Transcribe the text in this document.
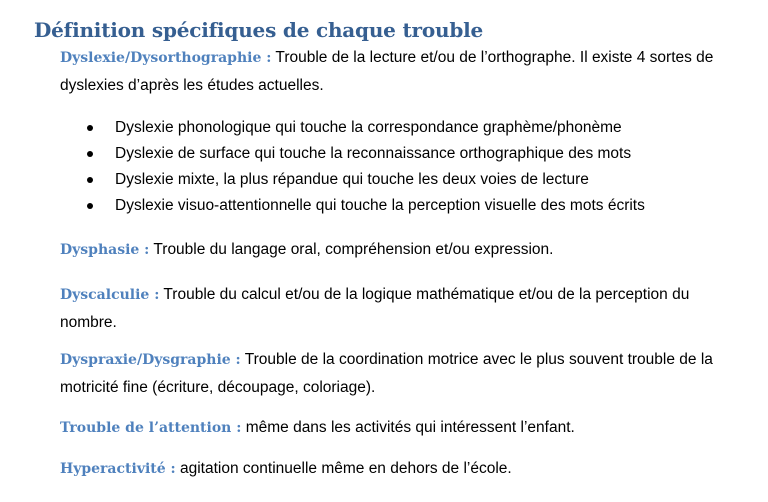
Définition spécifiques de chaque trouble

Dyslexie/Dysorthographie : Trouble de la lecture et/ou de l’orthographe. Il existe 4 sortes de dyslexies d’après les études actuelles.

Dyslexie phonologique qui touche la correspondance graphème/phonème
Dyslexie de surface qui touche la reconnaissance orthographique des mots
Dyslexie mixte, la plus répandue qui touche les deux voies de lecture
Dyslexie visuo-attentionnelle qui touche la perception visuelle des mots écrits

Dysphasie : Trouble du langage oral, compréhension et/ou expression.

Dyscalculie : Trouble du calcul et/ou de la logique mathématique et/ou de la perception du nombre.

Dyspraxie/Dysgraphie : Trouble de la coordination motrice avec le plus souvent trouble de la motricité fine (écriture, découpage, coloriage).

Trouble de l’attention : même dans les activités qui intéressent l’enfant.

Hyperactivité : agitation continuelle même en dehors de l’école.
